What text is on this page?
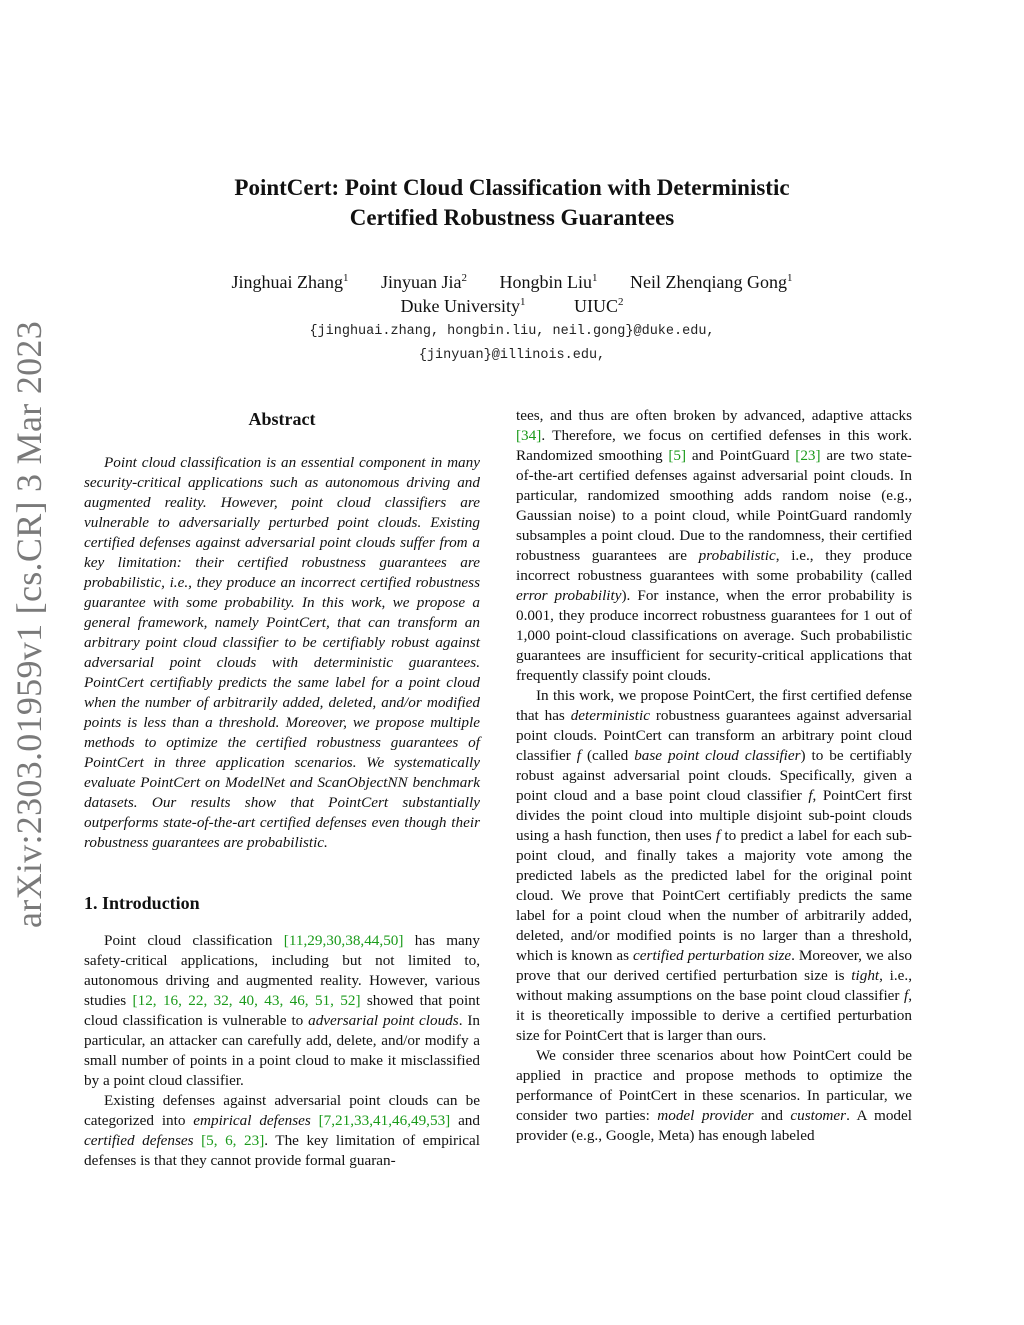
arXiv:2303.01959v1 [cs.CR] 3 Mar 2023
PointCert: Point Cloud Classification with Deterministic
Certified Robustness Guarantees
Jinghuai Zhang$^1$ Jinyuan Jia$^2$ Hongbin Liu$^1$ Neil Zhenqiang Gong$^1$
Duke University$^1$	UIUC$^2$
{jinghuai.zhang, hongbin.liu, neil.gong}@duke.edu,
{jinyuan}@illinois.edu,
Abstract

Point cloud classification is an essential component in many security-critical applications such as autonomous driving and augmented reality. However, point cloud classifiers are vulnerable to adversarially perturbed point clouds. Existing certified defenses against adversarial point clouds suffer from a key limitation: their certified robustness guarantees are probabilistic, i.e., they produce an incorrect certified robustness guarantee with some probability. In this work, we propose a general framework, namely PointCert, that can transform an arbitrary point cloud classifier to be certifiably robust against adversarial point clouds with deterministic guarantees. PointCert certifiably predicts the same label for a point cloud when the number of arbitrarily added, deleted, and/or modified points is less than a threshold. Moreover, we propose multiple methods to optimize the certified robustness guarantees of PointCert in three application scenarios. We systematically evaluate PointCert on ModelNet and ScanObjectNN benchmark datasets. Our results show that PointCert substantially outperforms state-of-the-art certified defenses even though their robustness guarantees are probabilistic.

1. Introduction

Point cloud classification [11,29,30,38,44,50] has many safety-critical applications, including but not limited to, autonomous driving and augmented reality. However, various studies [12, 16, 22, 32, 40, 43, 46, 51, 52] showed that point cloud classification is vulnerable to adversarial point clouds. In particular, an attacker can carefully add, delete, and/or modify a small number of points in a point cloud to make it misclassified by a point cloud classifier.

Existing defenses against adversarial point clouds can be categorized into empirical defenses [7,21,33,41,46,49,53] and certified defenses [5, 6, 23]. The key limitation of empirical defenses is that they cannot provide formal guaran-

tees, and thus are often broken by advanced, adaptive attacks [34]. Therefore, we focus on certified defenses in this work. Randomized smoothing [5] and PointGuard [23] are two state-of-the-art certified defenses against adversarial point clouds. In particular, randomized smoothing adds random noise (e.g., Gaussian noise) to a point cloud, while PointGuard randomly subsamples a point cloud. Due to the randomness, their certified robustness guarantees are probabilistic, i.e., they produce incorrect robustness guarantees with some probability (called error probability). For instance, when the error probability is 0.001, they produce incorrect robustness guarantees for 1 out of 1,000 point-cloud classifications on average. Such probabilistic guarantees are insufficient for security-critical applications that frequently classify point clouds.

In this work, we propose PointCert, the first certified defense that has deterministic robustness guarantees against adversarial point clouds. PointCert can transform an arbitrary point cloud classifier f (called base point cloud classifier) to be certifiably robust against adversarial point clouds. Specifically, given a point cloud and a base point cloud classifier f, PointCert first divides the point cloud into multiple disjoint sub-point clouds using a hash function, then uses f to predict a label for each sub-point cloud, and finally takes a majority vote among the predicted labels as the predicted label for the original point cloud. We prove that PointCert certifiably predicts the same label for a point cloud when the number of arbitrarily added, deleted, and/or modified points is no larger than a threshold, which is known as certified perturbation size. Moreover, we also prove that our derived certified perturbation size is tight, i.e., without making assumptions on the base point cloud classifier f, it is theoretically impossible to derive a certified perturbation size for PointCert that is larger than ours.

We consider three scenarios about how PointCert could be applied in practice and propose methods to optimize the performance of PointCert in these scenarios. In particular, we consider two parties: model provider and customer. A model provider (e.g., Google, Meta) has enough labeled
